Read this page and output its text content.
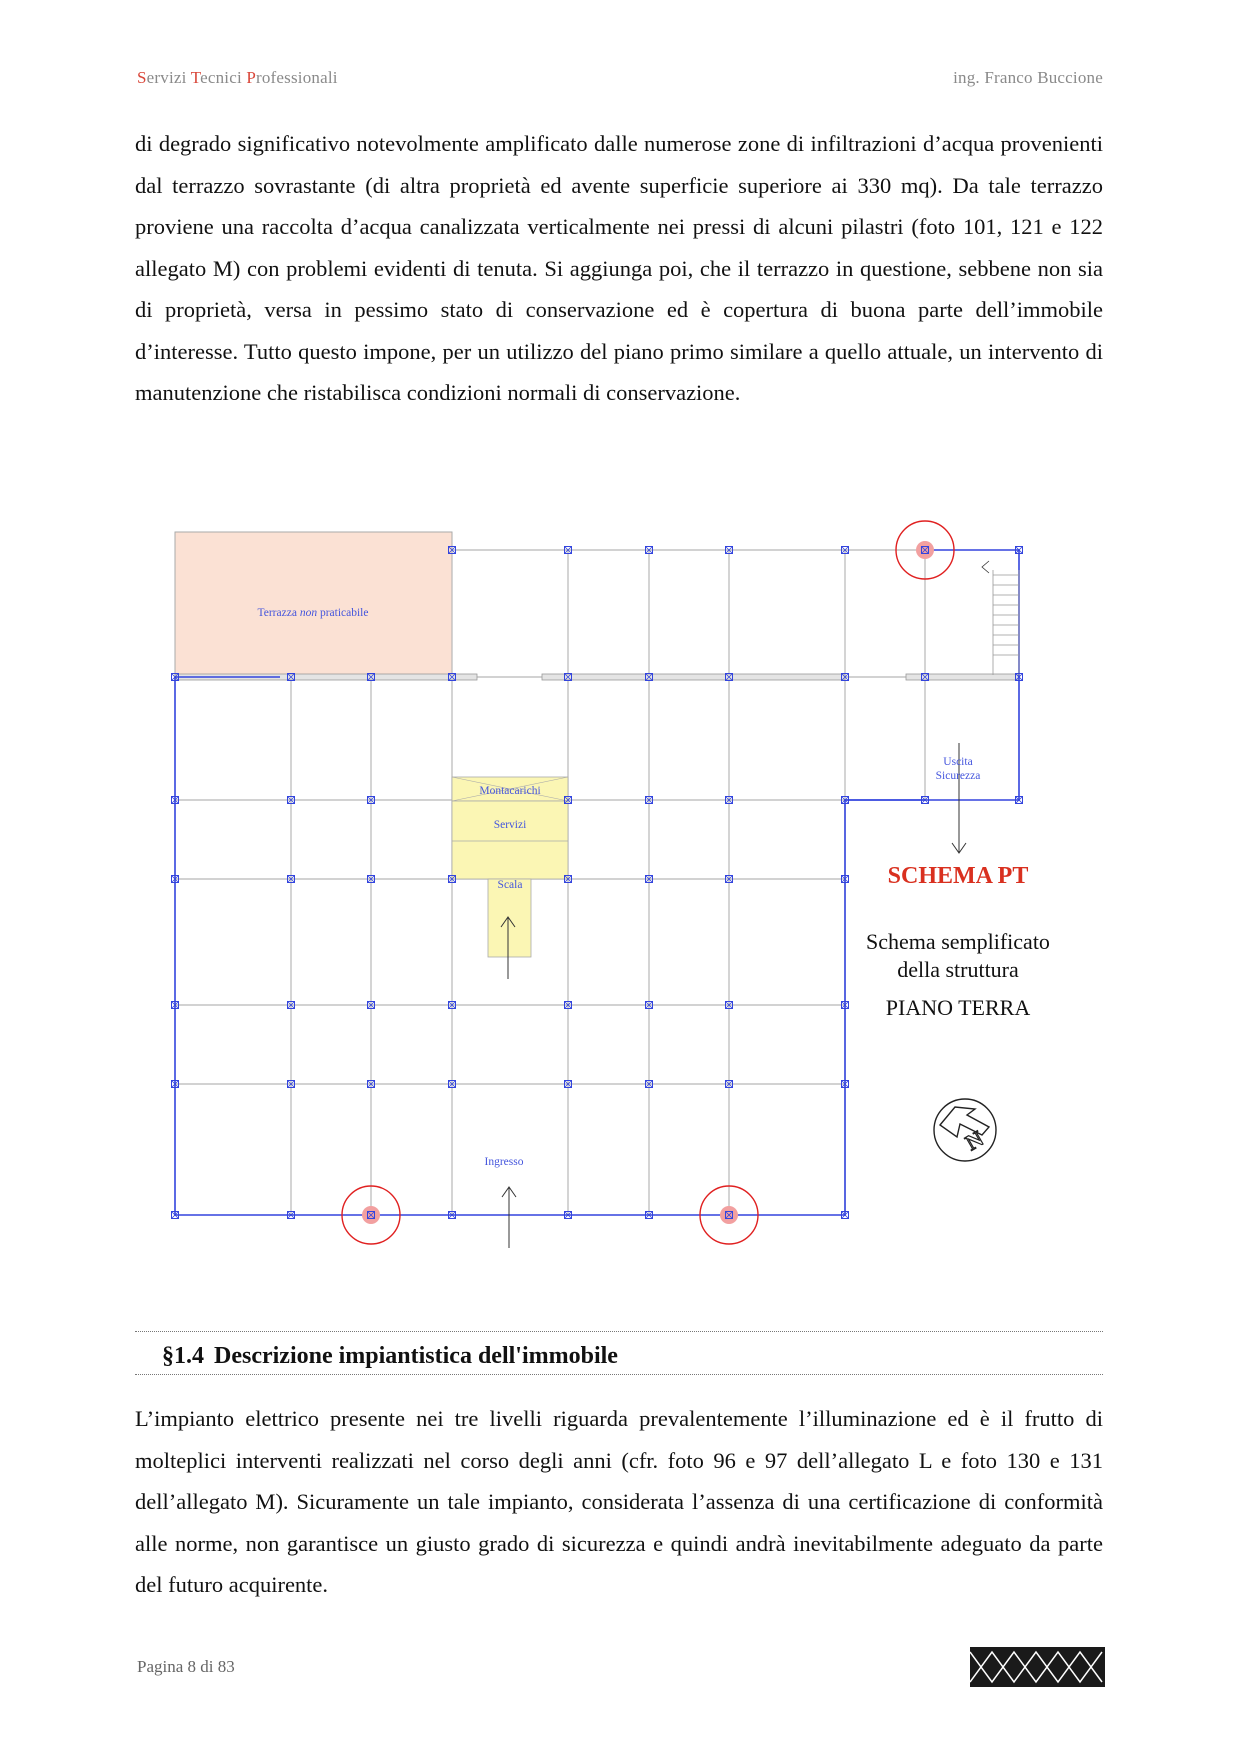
Servizi Tecnici Professionali	ing. Franco Buccione

di degrado significativo notevolmente amplificato dalle numerose zone di infiltrazioni d’acqua provenienti dal terrazzo sovrastante (di altra proprietà ed avente superficie superiore ai 330 mq). Da tale terrazzo proviene una raccolta d’acqua canalizzata verticalmente nei pressi di alcuni pilastri (foto 101, 121 e 122 allegato M) con problemi evidenti di tenuta. Si aggiunga poi, che il terrazzo in questione, sebbene non sia di proprietà, versa in pessimo stato di conservazione ed è copertura di buona parte dell’immobile d’interesse. Tutto questo impone, per un utilizzo del piano primo similare a quello attuale, un intervento di manutenzione che ristabilisca condizioni normali di conservazione.

Terrazza non praticabile
Montacarichi
Servizi
Scala
Uscita
Sicurezza
Ingresso
SCHEMA PT
Schema semplificato
della struttura
PIANO TERRA
N
§1.4 Descrizione impiantistica dell'immobile

L’impianto elettrico presente nei tre livelli riguarda prevalentemente l’illuminazione ed è il frutto di molteplici interventi realizzati nel corso degli anni (cfr. foto 96 e 97 dell’allegato L e foto 130 e 131 dell’allegato M). Sicuramente un tale impianto, considerata l’assenza di una certificazione di conformità alle norme, non garantisce un giusto grado di sicurezza e quindi andrà inevitabilmente adeguato da parte del futuro acquirente.

Pagina 8 di 83
